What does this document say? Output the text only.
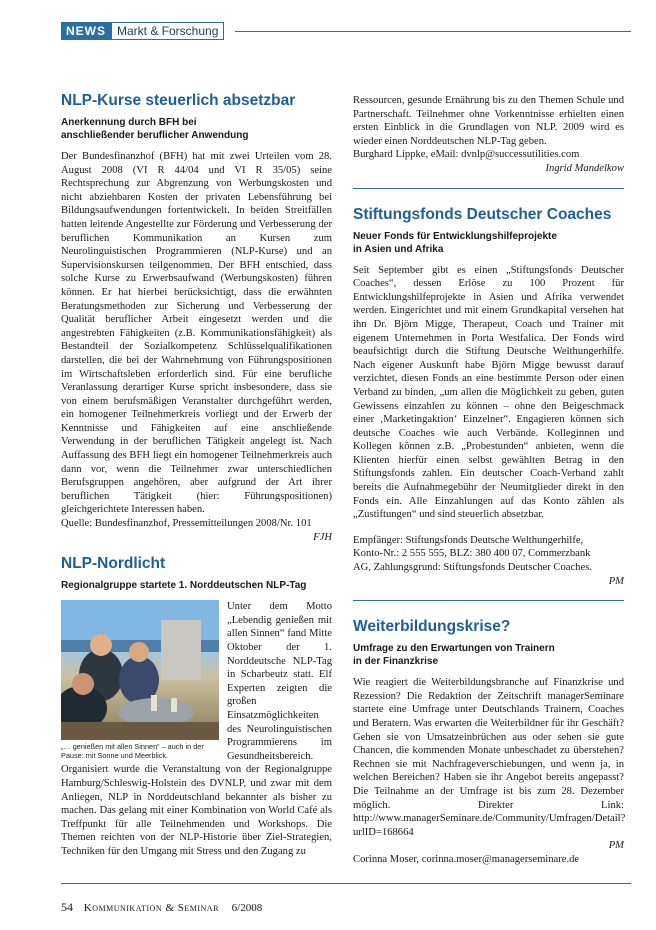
NEWS Markt & Forschung
NLP-Kurse steuerlich absetzbar
Anerkennung durch BFH bei
anschließender beruflicher Anwendung

Der Bundesfinanzhof (BFH) hat mit zwei Urteilen vom 28. August 2008 (VI R 44/04 und VI R 35/05) seine Rechtsprechung zur Abgrenzung von Werbungskosten und nicht abziehbaren Kosten der privaten Lebensführung bei Bildungsaufwendungen fortentwickelt. In beiden Streitfällen hatten leitende Angestellte zur Förderung und Verbesserung der beruflichen Kommunikation an Kursen zum Neurolinguistischen Programmieren (NLP-Kurse) und an Supervisionskursen teilgenommen. Der BFH entschied, dass solche Kurse zu Erwerbsaufwand (Werbungskosten) führen können. Er hat hierbei berücksichtigt, dass die erwähnten Beratungsmethoden zur Sicherung und Verbesserung der Qualität beruflicher Arbeit eingesetzt werden und die angestrebten Fähigkeiten (z.B. Kommunikationsfähigkeit) als Bestandteil der Sozialkompetenz Schlüsselqualifikationen darstellen, die bei der Wahrnehmung von Führungspositionen im Wirtschaftsleben erforderlich sind. Für eine berufliche Veranlassung derartiger Kurse spricht insbesondere, dass sie von einem berufsmäßigen Veranstalter durchgeführt werden, ein homogener Teilnehmerkreis vorliegt und der Erwerb der Kenntnisse und Fähigkeiten auf eine anschließende Verwendung in der beruflichen Tätigkeit angelegt ist. Nach Auffassung des BFH liegt ein homogener Teilnehmerkreis auch dann vor, wenn die Teilnehmer zwar unterschiedlichen Berufsgruppen angehören, aber aufgrund der Art ihrer beruflichen Tätigkeit (hier: Führungspositionen) gleichgerichtete Interessen haben.

Quelle: Bundesfinanzhof, Pressemitteilungen 2008/Nr. 101

FJH

NLP-Nordlicht
Regionalgruppe startete 1. Norddeutschen NLP-Tag
„… genießen mit allen Sinnen“ – auch in der Pause: mit Sonne und Meerblick.

Unter dem Motto „Lebendig genießen mit allen Sinnen“ fand Mitte Oktober der 1. Norddeutsche NLP-Tag in Scharbeutz statt. Elf Experten zeigten die großen Einsatzmöglichkeiten des Neurolinguistischen Programmierens im Gesundheitsbereich.

Organisiert wurde die Veranstaltung von der Regionalgruppe Hamburg/Schleswig-Holstein des DVNLP, und zwar mit dem Anliegen, NLP in Norddeutschland bekannter als bisher zu machen. Das gelang mit einer Kombination von World Café als Treffpunkt für alle Teilnehmenden und Workshops. Die Themen reichten von der NLP-Historie über Ziel-Strategien, Techniken für den Umgang mit Stress und den Zugang zu

Ressourcen, gesunde Ernährung bis zu den Themen Schule und Partnerschaft. Teilnehmer ohne Vorkenntnisse erhielten einen ersten Einblick in die Grundlagen von NLP. 2009 wird es wieder einen Norddeutschen NLP-Tag geben.

Burghard Lippke, eMail: dvnlp@successutilities.com

Ingrid Mandelkow

Stiftungsfonds Deutscher Coaches
Neuer Fonds für Entwicklungshilfeprojekte
in Asien und Afrika

Seit September gibt es einen „Stiftungsfonds Deutscher Coaches“, dessen Erlöse zu 100 Prozent für Entwicklungshilfeprojekte in Asien und Afrika verwendet werden. Eingerichtet und mit einem Grundkapital versehen hat ihn Dr. Björn Migge, Therapeut, Coach und Trainer mit eigenem Unternehmen in Porta Westfalica. Der Fonds wird beaufsichtigt durch die Stiftung Deutsche Welthungerhilfe. Nach eigener Auskunft habe Björn Migge bewusst darauf verzichtet, diesen Fonds an eine bestimmte Person oder einen Verband zu binden, „um allen die Möglichkeit zu geben, guten Gewissens einzahlen zu können – ohne den Beigeschmack einer ‚Marketingaktion‘ Einzelner“. Engagieren können sich deutsche Coaches wie auch Verbände. Kolleginnen und Kollegen können z.B. „Probestunden“ anbieten, wenn die Klienten hierfür einen selbst gewählten Betrag in den Stiftungsfonds zahlen. Ein deutscher Coach-Verband zahlt bereits die Aufnahmegebühr der Neumitglieder direkt in den Fonds ein. Alle Einzahlungen auf das Konto zählen als „Zustiftungen“ und sind steuerlich absetzbar.

Empfänger: Stiftungsfonds Deutsche Welthungerhilfe,
Konto-Nr.: 2 555 555, BLZ: 380 400 07, Commerzbank
AG, Zahlungsgrund: Stiftungsfonds Deutscher Coaches.

PM

Weiterbildungskrise?
Umfrage zu den Erwartungen von Trainern
in der Finanzkrise

Wie reagiert die Weiterbildungsbranche auf Finanzkrise und Rezession? Die Redaktion der Zeitschrift managerSeminare startete eine Umfrage unter Deutschlands Trainern, Coaches und Beratern. Was erwarten die Weiterbildner für ihr Geschäft? Gehen sie von Umsatzeinbrüchen aus oder sehen sie gute Chancen, die kommenden Monate unbeschadet zu überstehen? Rechnen sie mit Nachfrageverschiebungen, und wenn ja, in welchen Bereichen? Haben sie ihr Angebot bereits angepasst? Die Teilnahme an der Umfrage ist bis zum 28. Dezember möglich. Direkter Link: http://www.managerSeminare.de/Community/Umfragen/Detail?urlID=168664

PM

Corinna Moser, corinna.moser@managerseminare.de

54 Kommunikation & Seminar 6/2008
